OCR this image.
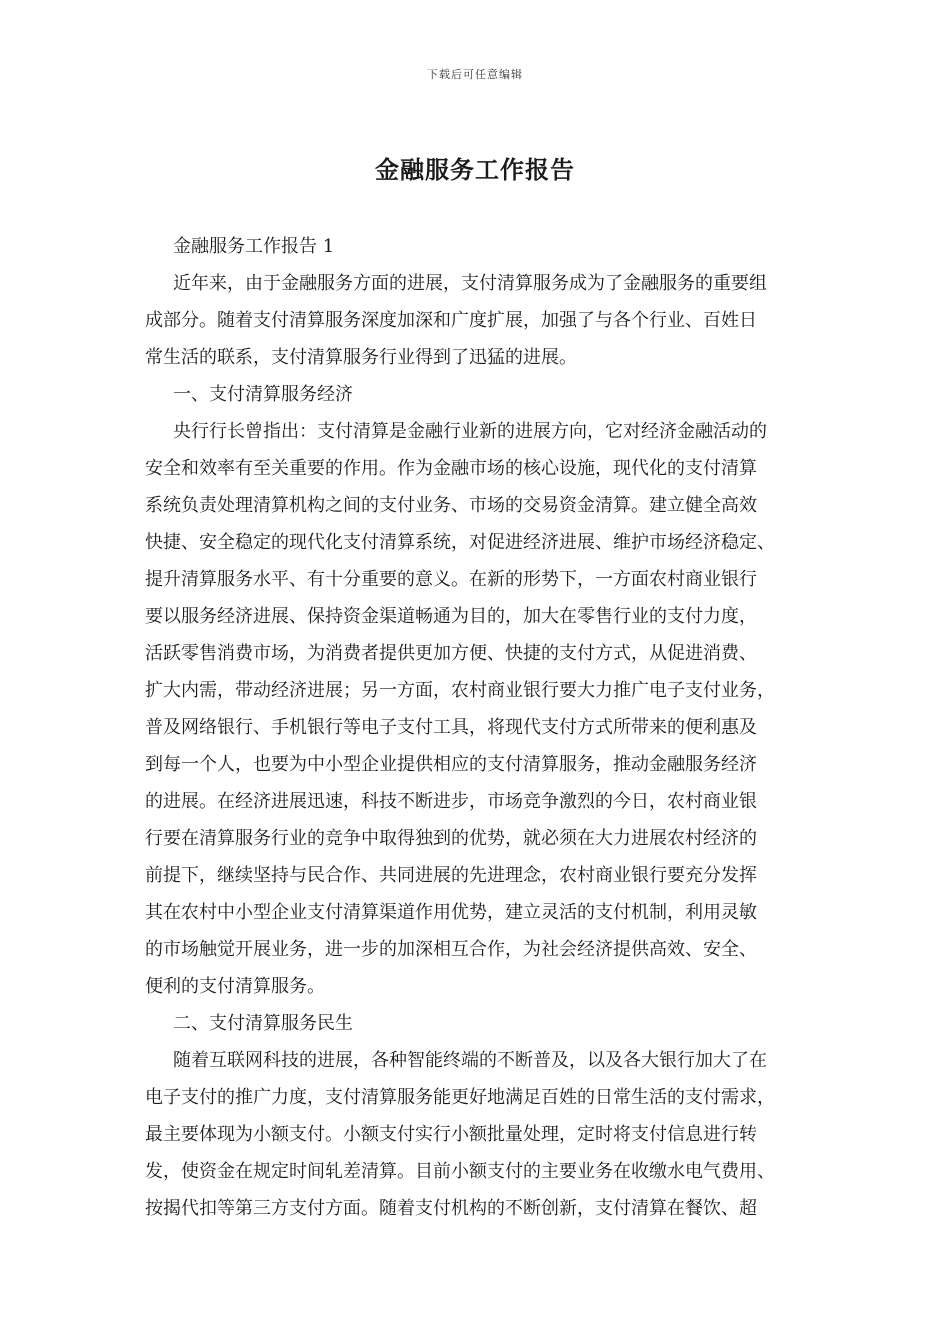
下载后可任意编辑
金融服务工作报告
金融服务工作报告 1
近年来，由于金融服务方面的进展，支付清算服务成为了金融服务的重要组
成部分。随着支付清算服务深度加深和广度扩展，加强了与各个行业、百姓日
常生活的联系，支付清算服务行业得到了迅猛的进展。
一、支付清算服务经济
央行行长曾指出：支付清算是金融行业新的进展方向，它对经济金融活动的
安全和效率有至关重要的作用。作为金融市场的核心设施，现代化的支付清算
系统负责处理清算机构之间的支付业务、市场的交易资金清算。建立健全高效
快捷、安全稳定的现代化支付清算系统，对促进经济进展、维护市场经济稳定、
提升清算服务水平、有十分重要的意义。在新的形势下，一方面农村商业银行
要以服务经济进展、保持资金渠道畅通为目的，加大在零售行业的支付力度，
活跃零售消费市场，为消费者提供更加方便、快捷的支付方式，从促进消费、
扩大内需，带动经济进展；另一方面，农村商业银行要大力推广电子支付业务，
普及网络银行、手机银行等电子支付工具，将现代支付方式所带来的便利惠及
到每一个人，也要为中小型企业提供相应的支付清算服务，推动金融服务经济
的进展。在经济进展迅速，科技不断进步，市场竞争激烈的今日，农村商业银
行要在清算服务行业的竞争中取得独到的优势，就必须在大力进展农村经济的
前提下，继续坚持与民合作、共同进展的先进理念，农村商业银行要充分发挥
其在农村中小型企业支付清算渠道作用优势，建立灵活的支付机制，利用灵敏
的市场触觉开展业务，进一步的加深相互合作，为社会经济提供高效、安全、
便利的支付清算服务。
二、支付清算服务民生
随着互联网科技的进展，各种智能终端的不断普及，以及各大银行加大了在
电子支付的推广力度，支付清算服务能更好地满足百姓的日常生活的支付需求，
最主要体现为小额支付。小额支付实行小额批量处理，定时将支付信息进行转
发，使资金在规定时间轧差清算。目前小额支付的主要业务在收缴水电气费用、
按揭代扣等第三方支付方面。随着支付机构的不断创新，支付清算在餐饮、超
